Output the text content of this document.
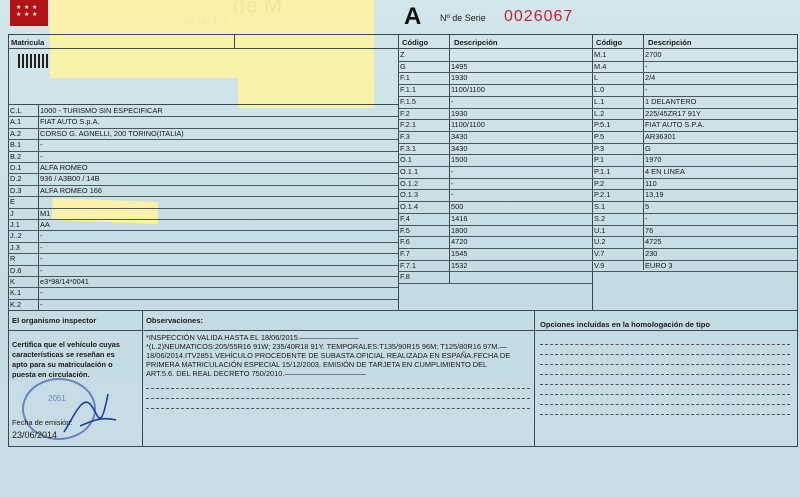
★ ★ ★
★ ★ ★	A Nº de Serie 0026067
Matricula
C.L 1000 - TURISMO SIN ESPECIFICAR
A.1	FIAT AUTO S.p.A.
A.2	CORSO G. AGNELLI, 200 TORINO(ITALIA)
B.1	-
B.2	-
D.1 ALFA ROMEO
D.2 936 / A3B00 / 14B
D.3 ALFA ROMEO 166
E
J	M1
J.1	AA
J..2 -
J.3	-
R	-
D.6 -
K	e3*98/14*0041
K.1	-
K.2	-
Código	Descripción
Z
G	1495
F.1	1930
F.1.1	1100/1100
F.1.5	-
F.2	1930
F.2.1	1100/1100
F.3	3430
F.3.1	3430
O.1	1500
O.1.1	-
O.1.2	-
O.1.3	-
O.1.4	500
F.4	1416
F.5	1800
F.6	4720
F.7	1545
F.7.1	1532
F.8
Código	Descripción
M.1	2700
M.4	-
L	2/4
L.0	-
L.1	1 DELANTERO
L.2	225/45ZR17 91Y
P.5.1	FIAT AUTO S.P.A.
P.5	AR36301
P.3	G
P.1	1970
P.1.1	4 EN LINEA
P.2	110
P.2.1	13,19
S.1	5
S.2	-
U.1	76
U.2	4725
V.7	230
V.9	EURO 3
El organismo inspector
Certifica que el vehículo cuyas
características se reseñan es
apto para su matriculación o
puesta en circulación.
2051
Fecha de emisión:
23/06/2014
Observaciones:
*INSPECCIÓN VALIDA HASTA EL 18/06/2015.————————
*(L.2)NEUMATICOS:205/55R16 91W; 235/40R18 91Y. TEMPORALES:T135/90R15 96M; T125/80R16 97M.—
18/06/2014.ITV2851.VEHÍCULO PROCEDENTE DE SUBASTA OFICIAL REALIZADA EN ESPAÑA.FECHA DE
PRIMERA MATRICULACIÓN ESPECIAL 15/12/2003. EMISIÓN DE TARJETA EN CUMPLIMIENTO DEL
ART.5.6. DEL REAL DECRETO 750/2010.———————————
Opciones incluidas en la homologación de tipo
